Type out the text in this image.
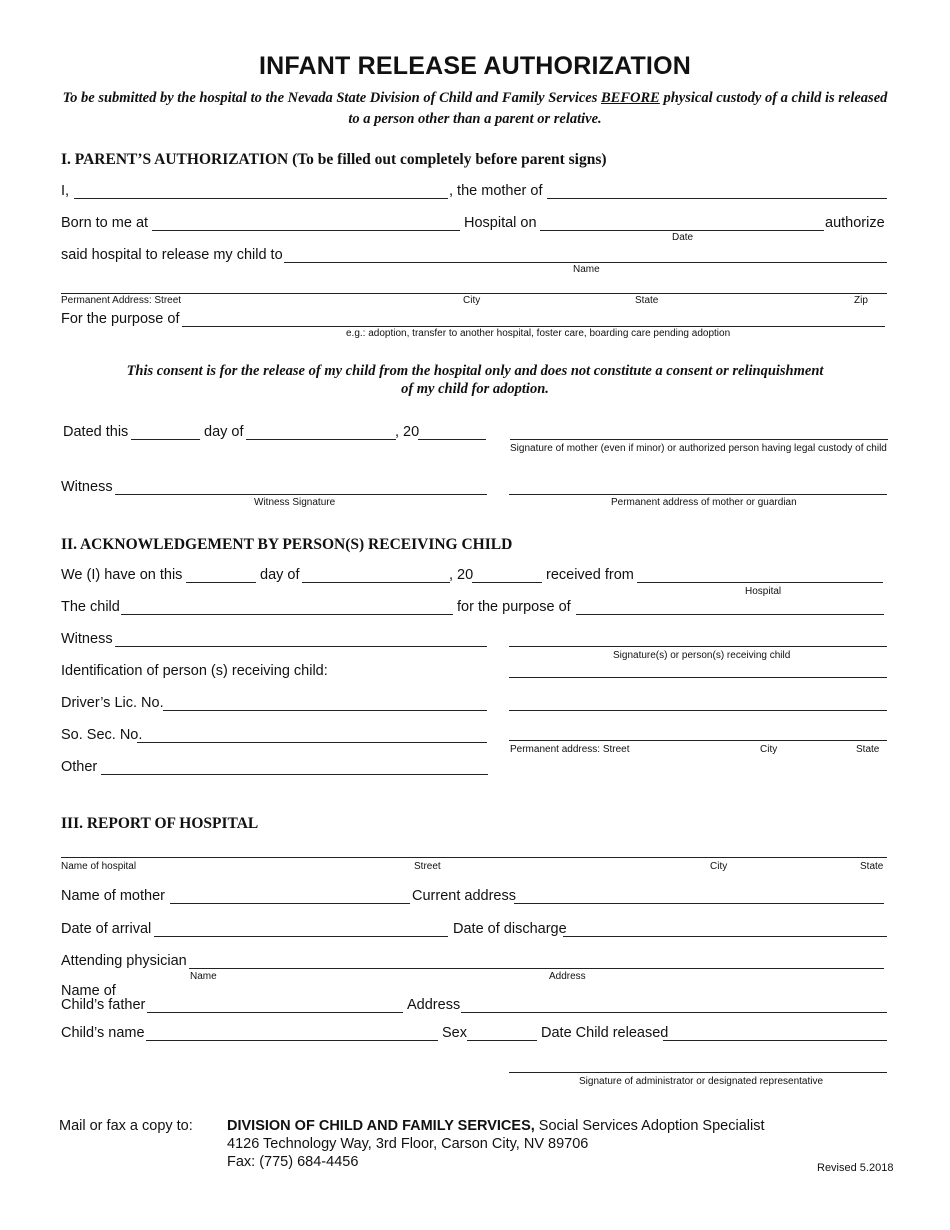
INFANT RELEASE AUTHORIZATION
To be submitted by the hospital to the Nevada State Division of Child and Family Services BEFORE physical custody of a child is released to a person other than a parent or relative.
I. PARENT’S AUTHORIZATION (To be filled out completely before parent signs)
I,	, the mother of
Born to me at	Hospital on	authorize
Date
said hospital to release my child to
Name
Permanent Address: Street	City	State	Zip
For the purpose of
e.g.: adoption, transfer to another hospital, foster care, boarding care pending adoption
This consent is for the release of my child from the hospital only and does not constitute a consent or relinquishment of my child for adoption.
Dated this	day of	, 20
Signature of mother (even if minor) or authorized person having legal custody of child
Witness
Witness Signature	Permanent address of mother or guardian
II. ACKNOWLEDGEMENT BY PERSON(S) RECEIVING CHILD
We (I) have on this	day of	, 20	received from
Hospital
The child	for the purpose of
Witness
Signature(s) or person(s) receiving child
Identification of person (s) receiving child:
Driver’s Lic. No.
So. Sec. No.
Permanent address: Street	City	State
Other
III. REPORT OF HOSPITAL
Name of hospital	Street	City	State
Name of mother	Current address
Date of arrival	Date of discharge
Attending physician
Name	Address
Name of
Child’s father	Address
Child’s name	Sex	Date Child released
Signature of administrator or designated representative
Mail or fax a copy to: DIVISION OF CHILD AND FAMILY SERVICES, Social Services Adoption Specialist
4126 Technology Way, 3rd Floor, Carson City, NV 89706
Fax: (775) 684-4456	Revised 5.2018
